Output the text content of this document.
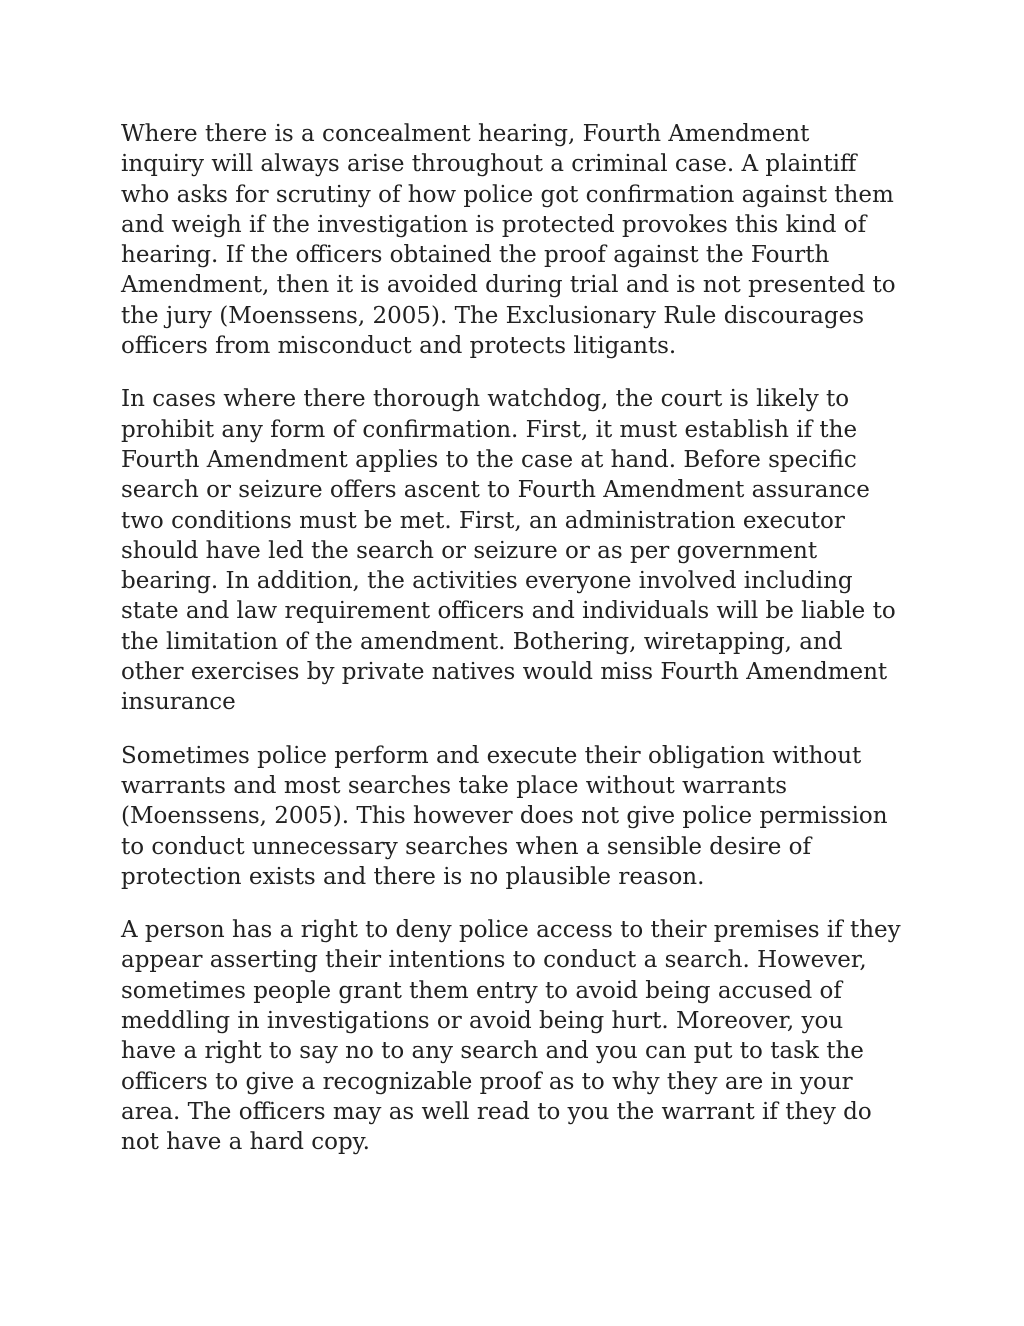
Where there is a concealment hearing, Fourth Amendment
inquiry will always arise throughout a criminal case. A plaintiff
who asks for scrutiny of how police got confirmation against them
and weigh if the investigation is protected provokes this kind of
hearing. If the officers obtained the proof against the Fourth
Amendment, then it is avoided during trial and is not presented to
the jury (Moenssens, 2005). The Exclusionary Rule discourages
officers from misconduct and protects litigants.

In cases where there thorough watchdog, the court is likely to
prohibit any form of confirmation. First, it must establish if the
Fourth Amendment applies to the case at hand. Before specific
search or seizure offers ascent to Fourth Amendment assurance
two conditions must be met. First, an administration executor
should have led the search or seizure or as per government
bearing. In addition, the activities everyone involved including
state and law requirement officers and individuals will be liable to
the limitation of the amendment. Bothering, wiretapping, and
other exercises by private natives would miss Fourth Amendment
insurance

Sometimes police perform and execute their obligation without
warrants and most searches take place without warrants
(Moenssens, 2005). This however does not give police permission
to conduct unnecessary searches when a sensible desire of
protection exists and there is no plausible reason.

A person has a right to deny police access to their premises if they
appear asserting their intentions to conduct a search. However,
sometimes people grant them entry to avoid being accused of
meddling in investigations or avoid being hurt. Moreover, you
have a right to say no to any search and you can put to task the
officers to give a recognizable proof as to why they are in your
area. The officers may as well read to you the warrant if they do
not have a hard copy.
